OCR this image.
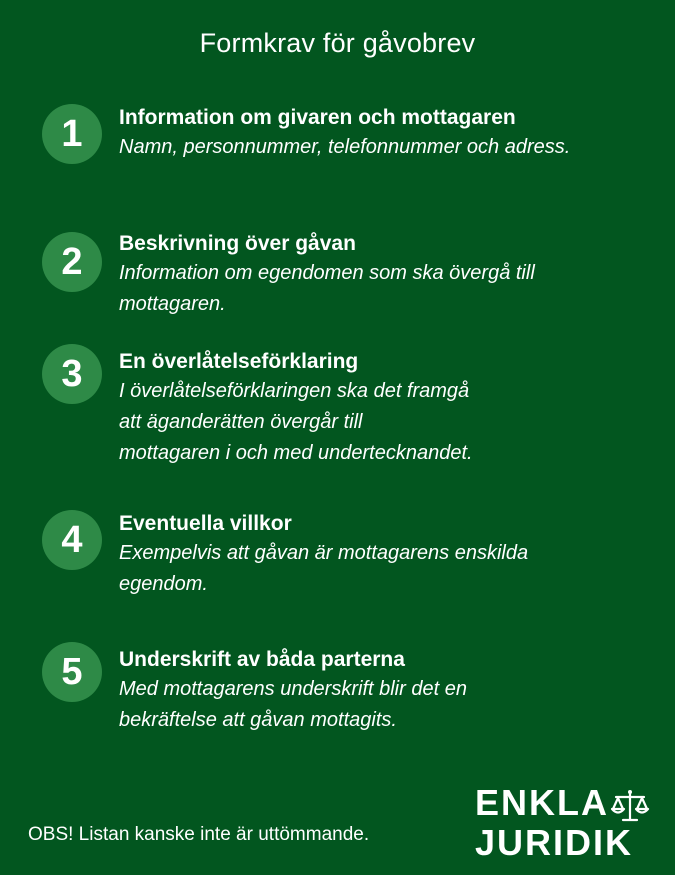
Formkrav för gåvobrev
1	Information om givaren och mottagaren

Namn, personnummer, telefonnummer och adress.

2	Beskrivning över gåvan

Information om egendomen som ska övergå till
mottagaren.

3	En överlåtelseförklaring

I överlåtelseförklaringen ska det framgå
att äganderätten övergår till
mottagaren i och med undertecknandet.

4	Eventuella villkor

Exempelvis att gåvan är mottagarens enskilda
egendom.

5	Underskrift av båda parterna

Med mottagarens underskrift blir det en
bekräftelse att gåvan mottagits.

OBS! Listan kanske inte är uttömmande.
ENKLA
JURIDIK
